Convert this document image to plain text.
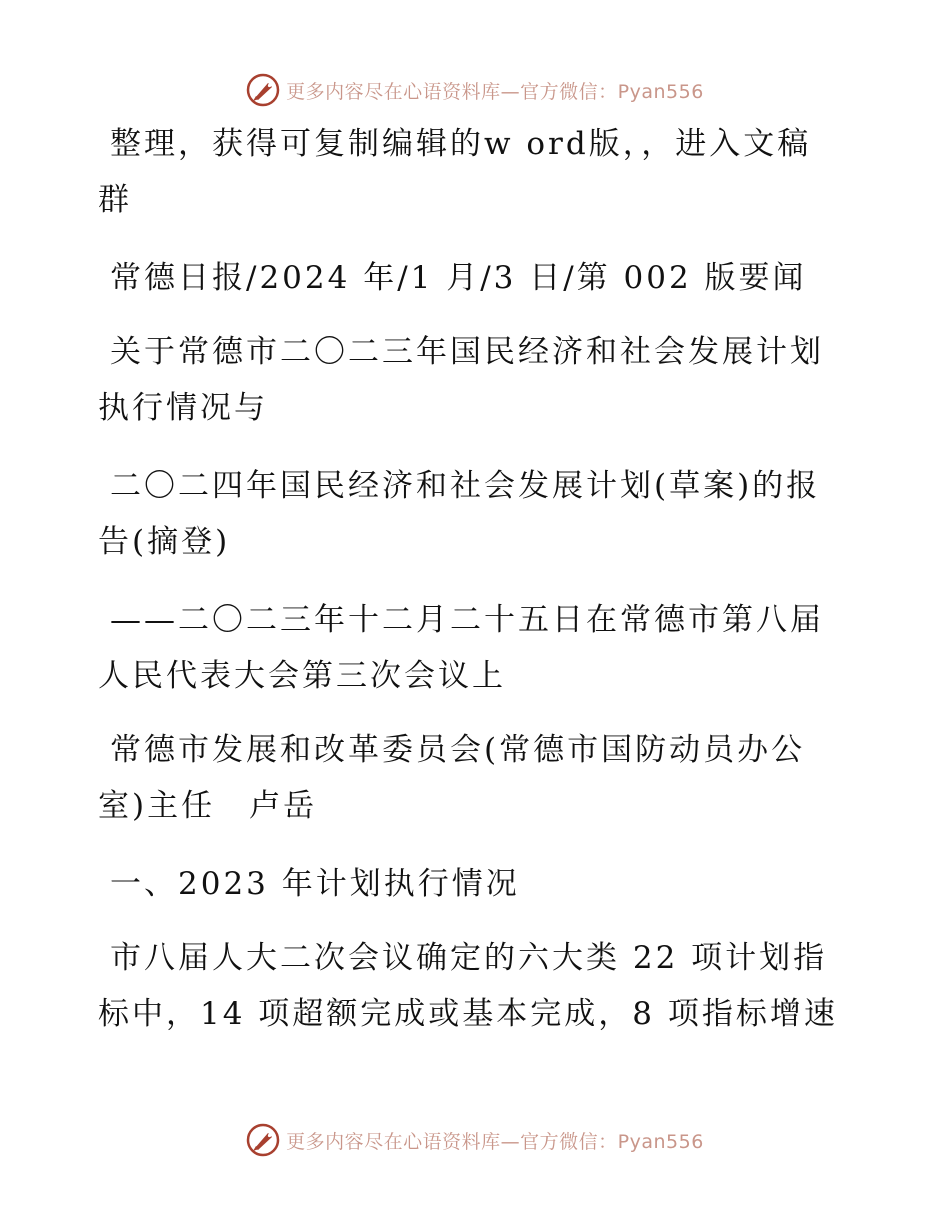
更多内容尽在心语资料库—官方微信：Pyan556

整理，获得可复制编辑的w ord版，，进入文稿群

常德日报/2024 年/1 月/3 日/第 002 版要闻

关于常德市二〇二三年国民经济和社会发展计划执行情况与

二〇二四年国民经济和社会发展计划(草案)的报告(摘登)

——二〇二三年十二月二十五日在常德市第八届人民代表大会第三次会议上

常德市发展和改革委员会(常德市国防动员办公室)主任　卢岳

一、2023 年计划执行情况

市八届人大二次会议确定的六大类 22 项计划指标中，14 项超额完成或基本完成，8 项指标增速

更多内容尽在心语资料库—官方微信：Pyan556
